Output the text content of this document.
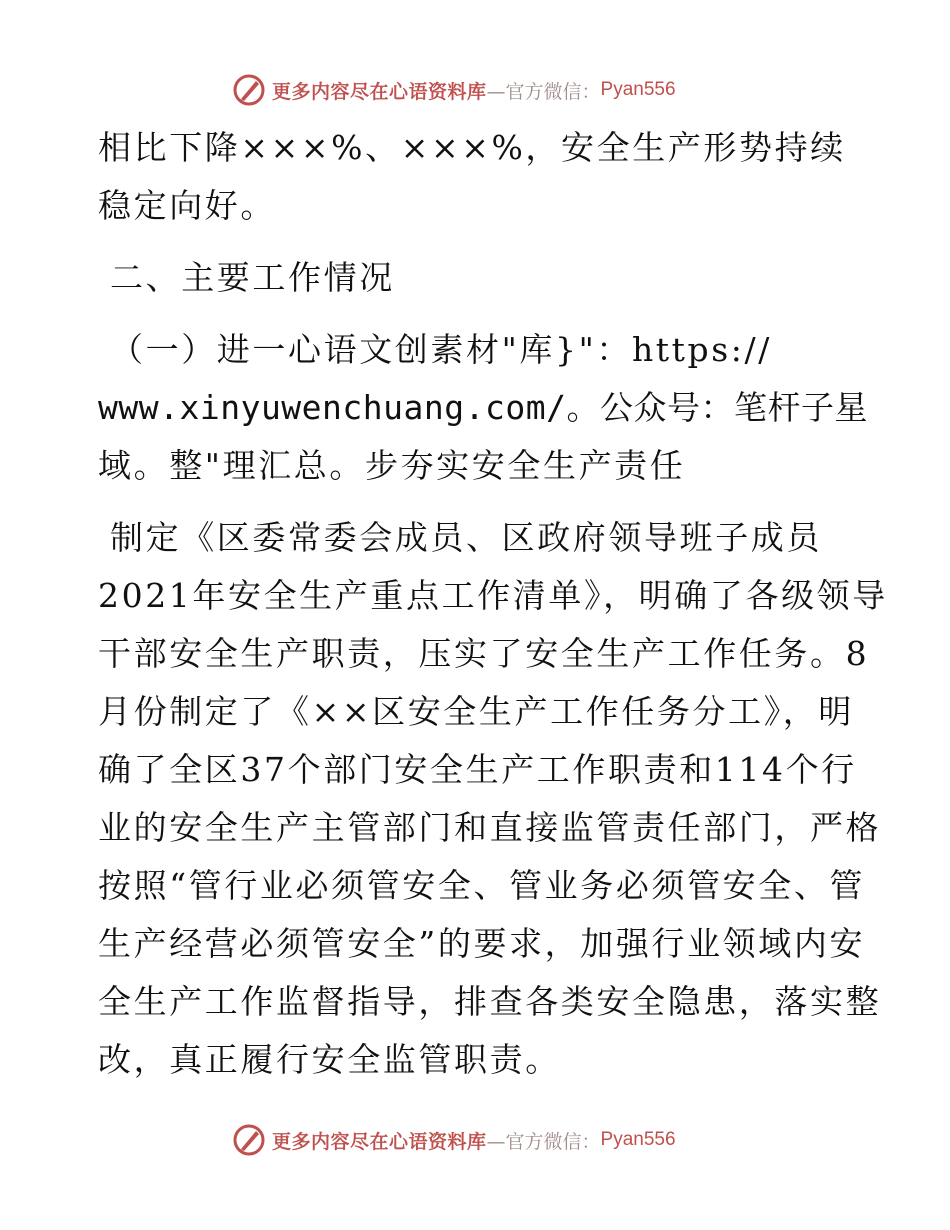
更多内容尽在心语资料库 —官方微信： Pyan556

相比下降×××%、×××%，安全生产形势持续

稳定向好。

二、主要工作情况

（一）进一心语文创素材"库}"：https://

www.xinyuwenchuang.com/。公众号：笔杆子星

域。整"理汇总。步夯实安全生产责任

制定《区委常委会成员、区政府领导班子成员

2021年安全生产重点工作清单》，明确了各级领导

干部安全生产职责，压实了安全生产工作任务。8

月份制定了《××区安全生产工作任务分工》，明

确了全区37个部门安全生产工作职责和114个行

业的安全生产主管部门和直接监管责任部门，严格

按照“管行业必须管安全、管业务必须管安全、管

生产经营必须管安全”的要求，加强行业领域内安

全生产工作监督指导，排查各类安全隐患，落实整

改，真正履行安全监管职责。

更多内容尽在心语资料库 —官方微信： Pyan556
